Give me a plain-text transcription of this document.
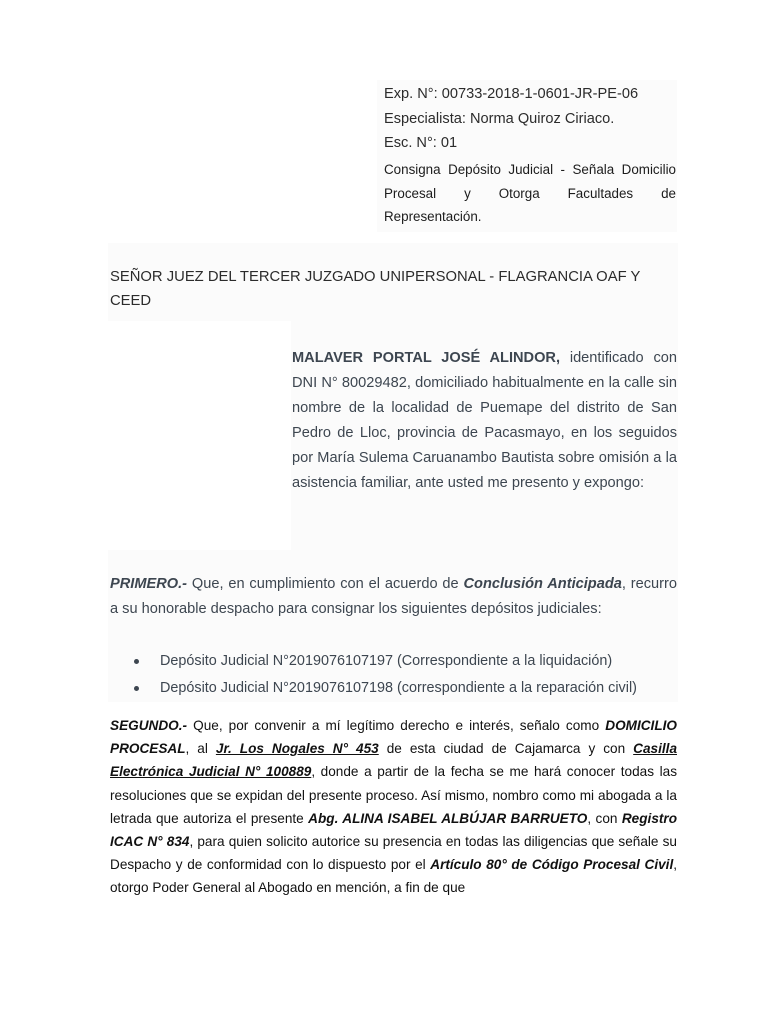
Exp. N°: 00733-2018-1-0601-JR-PE-06
Especialista: Norma Quiroz Ciriaco.
Esc. N°: 01
Consigna Depósito Judicial - Señala Domicilio Procesal y Otorga Facultades de Representación.
SEÑOR JUEZ DEL TERCER JUZGADO UNIPERSONAL - FLAGRANCIA OAF Y CEED
MALAVER PORTAL JOSÉ ALINDOR, identificado con DNI N° 80029482, domiciliado habitualmente en la calle sin nombre de la localidad de Puemape del distrito de San Pedro de Lloc, provincia de Pacasmayo, en los seguidos por María Sulema Caruanambo Bautista sobre omisión a la asistencia familiar, ante usted me presento y expongo:
PRIMERO.- Que, en cumplimiento con el acuerdo de Conclusión Anticipada, recurro a su honorable despacho para consignar los siguientes depósitos judiciales:
Depósito Judicial N°2019076107197 (Correspondiente a la liquidación)
Depósito Judicial N°2019076107198 (correspondiente a la reparación civil)
SEGUNDO.- Que, por convenir a mí legítimo derecho e interés, señalo como DOMICILIO PROCESAL, al Jr. Los Nogales N° 453 de esta ciudad de Cajamarca y con Casilla Electrónica Judicial N° 100889, donde a partir de la fecha se me hará conocer todas las resoluciones que se expidan del presente proceso. Así mismo, nombro como mi abogada a la letrada que autoriza el presente Abg. ALINA ISABEL ALBÚJAR BARRUETO, con Registro ICAC N° 834, para quien solicito autorice su presencia en todas las diligencias que señale su Despacho y de conformidad con lo dispuesto por el Artículo 80° de Código Procesal Civil, otorgo Poder General al Abogado en mención, a fin de que
